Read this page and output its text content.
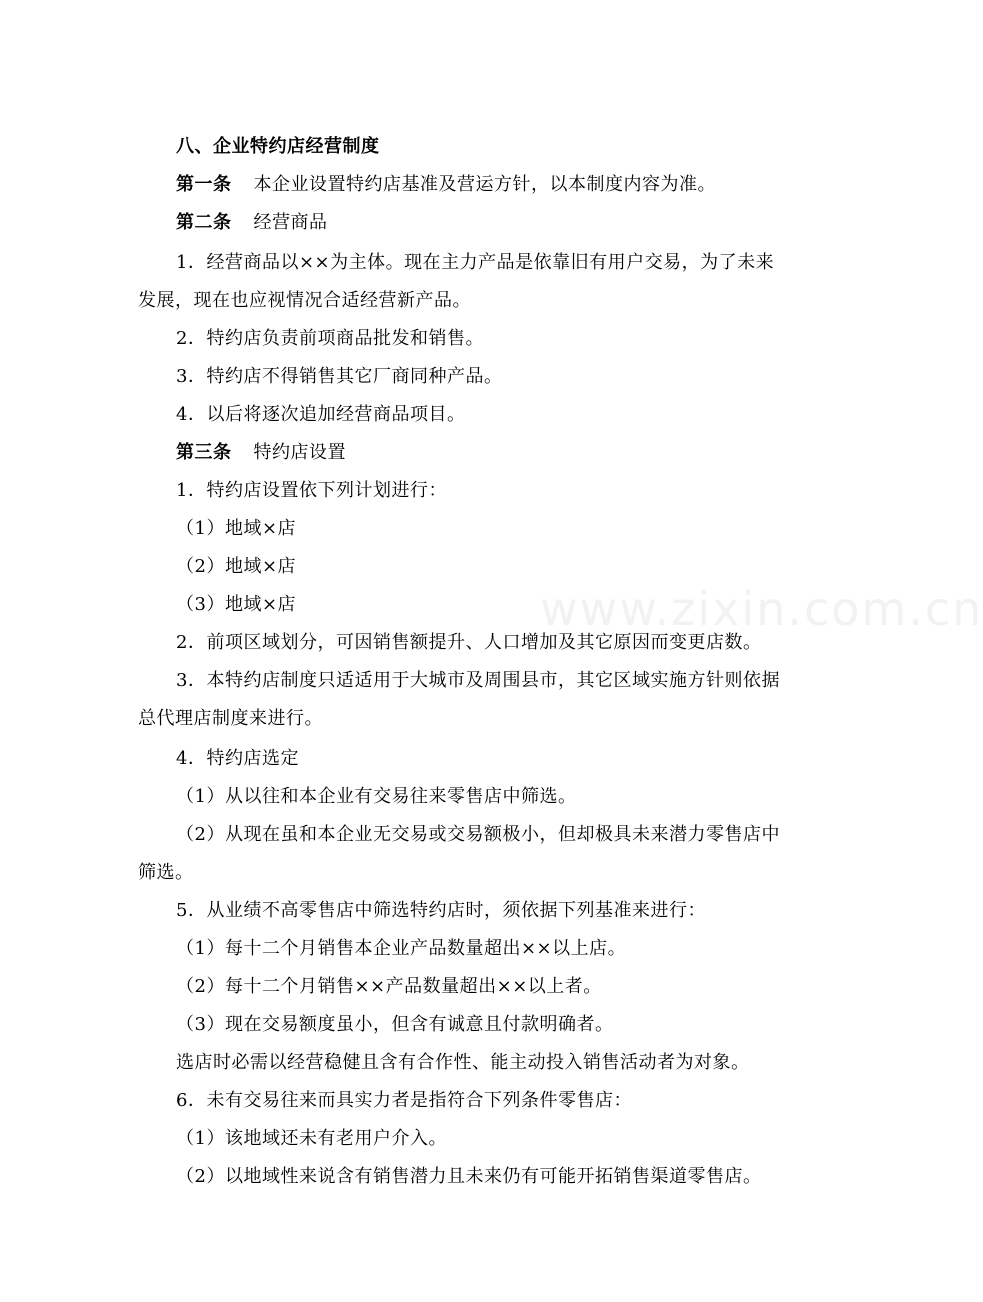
www.zixin.com.cn
八、企业特约店经营制度
第一条 本企业设置特约店基准及营运方针，以本制度内容为准。
第二条 经营商品
1．经营商品以××为主体。现在主力产品是依靠旧有用户交易，为了未来
发展，现在也应视情况合适经营新产品。
2．特约店负责前项商品批发和销售。
3．特约店不得销售其它厂商同种产品。
4．以后将逐次追加经营商品项目。
第三条 特约店设置
1．特约店设置依下列计划进行：
（1）地域×店
（2）地域×店
（3）地域×店
2．前项区域划分，可因销售额提升、人口增加及其它原因而变更店数。
3．本特约店制度只适适用于大城市及周围县市，其它区域实施方针则依据
总代理店制度来进行。
4．特约店选定
（1）从以往和本企业有交易往来零售店中筛选。
（2）从现在虽和本企业无交易或交易额极小，但却极具未来潜力零售店中
筛选。
5．从业绩不高零售店中筛选特约店时，须依据下列基准来进行：
（1）每十二个月销售本企业产品数量超出××以上店。
（2）每十二个月销售××产品数量超出××以上者。
（3）现在交易额度虽小，但含有诚意且付款明确者。
选店时必需以经营稳健且含有合作性、能主动投入销售活动者为对象。
6．未有交易往来而具实力者是指符合下列条件零售店：
（1）该地域还未有老用户介入。
（2）以地域性来说含有销售潜力且未来仍有可能开拓销售渠道零售店。
